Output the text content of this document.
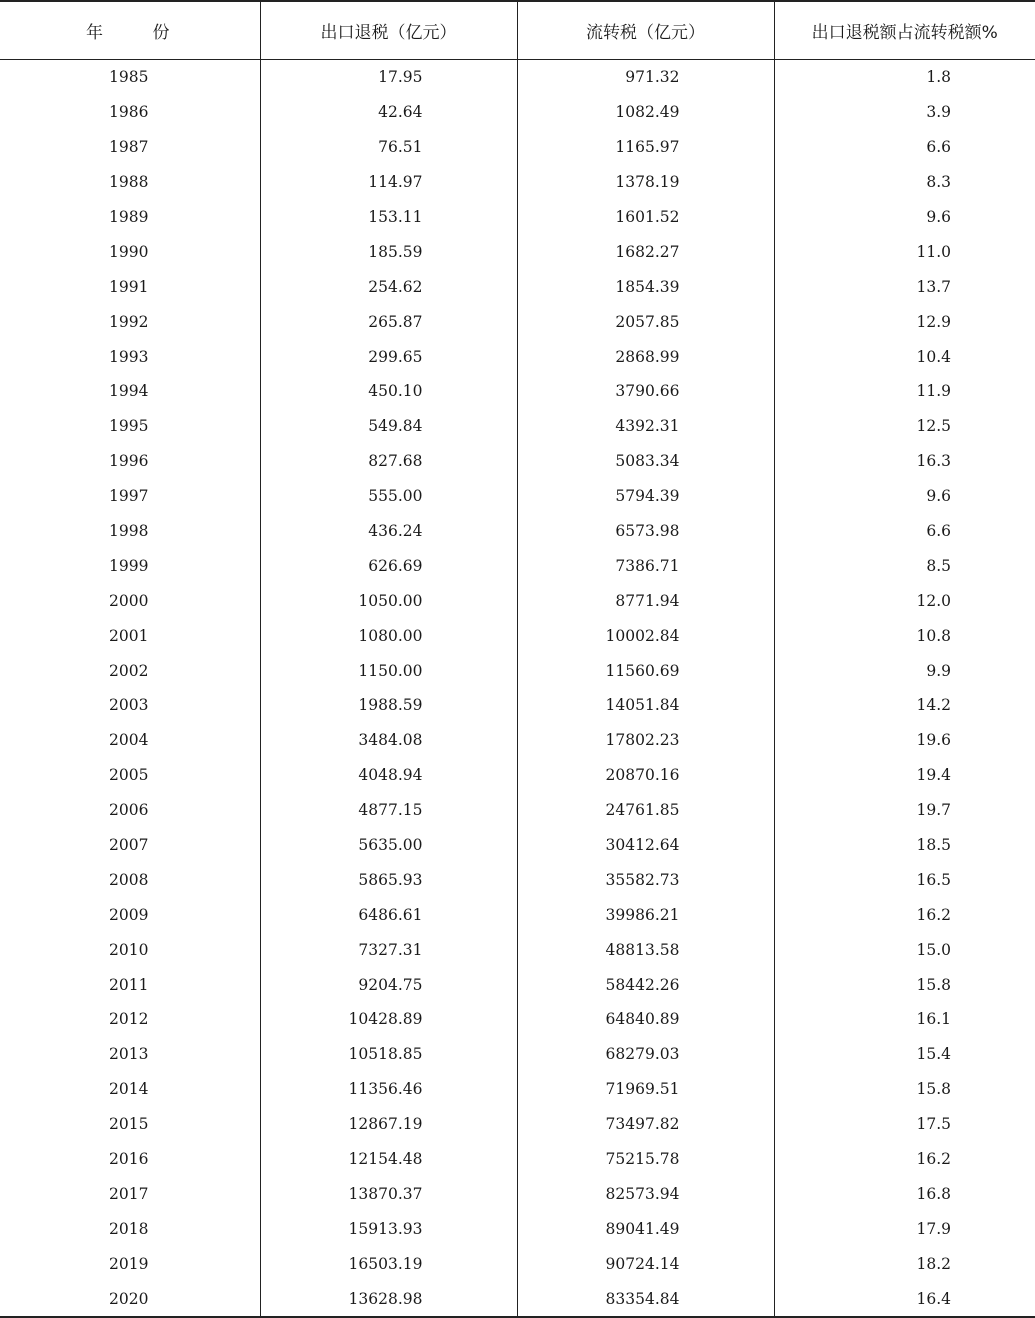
年 份	出口退税（亿元）	流转税（亿元）	出口退税额占流转税额%
1985	17.95	971.32	1.8
1986	42.64	1082.49	3.9
1987	76.51	1165.97	6.6
1988	114.97	1378.19	8.3
1989	153.11	1601.52	9.6
1990	185.59	1682.27	11.0
1991	254.62	1854.39	13.7
1992	265.87	2057.85	12.9
1993	299.65	2868.99	10.4
1994	450.10	3790.66	11.9
1995	549.84	4392.31	12.5
1996	827.68	5083.34	16.3
1997	555.00	5794.39	9.6
1998	436.24	6573.98	6.6
1999	626.69	7386.71	8.5
2000	1050.00	8771.94	12.0
2001	1080.00	10002.84	10.8
2002	1150.00	11560.69	9.9
2003	1988.59	14051.84	14.2
2004	3484.08	17802.23	19.6
2005	4048.94	20870.16	19.4
2006	4877.15	24761.85	19.7
2007	5635.00	30412.64	18.5
2008	5865.93	35582.73	16.5
2009	6486.61	39986.21	16.2
2010	7327.31	48813.58	15.0
2011	9204.75	58442.26	15.8
2012	10428.89	64840.89	16.1
2013	10518.85	68279.03	15.4
2014	11356.46	71969.51	15.8
2015	12867.19	73497.82	17.5
2016	12154.48	75215.78	16.2
2017	13870.37	82573.94	16.8
2018	15913.93	89041.49	17.9
2019	16503.19	90724.14	18.2
2020	13628.98	83354.84	16.4
